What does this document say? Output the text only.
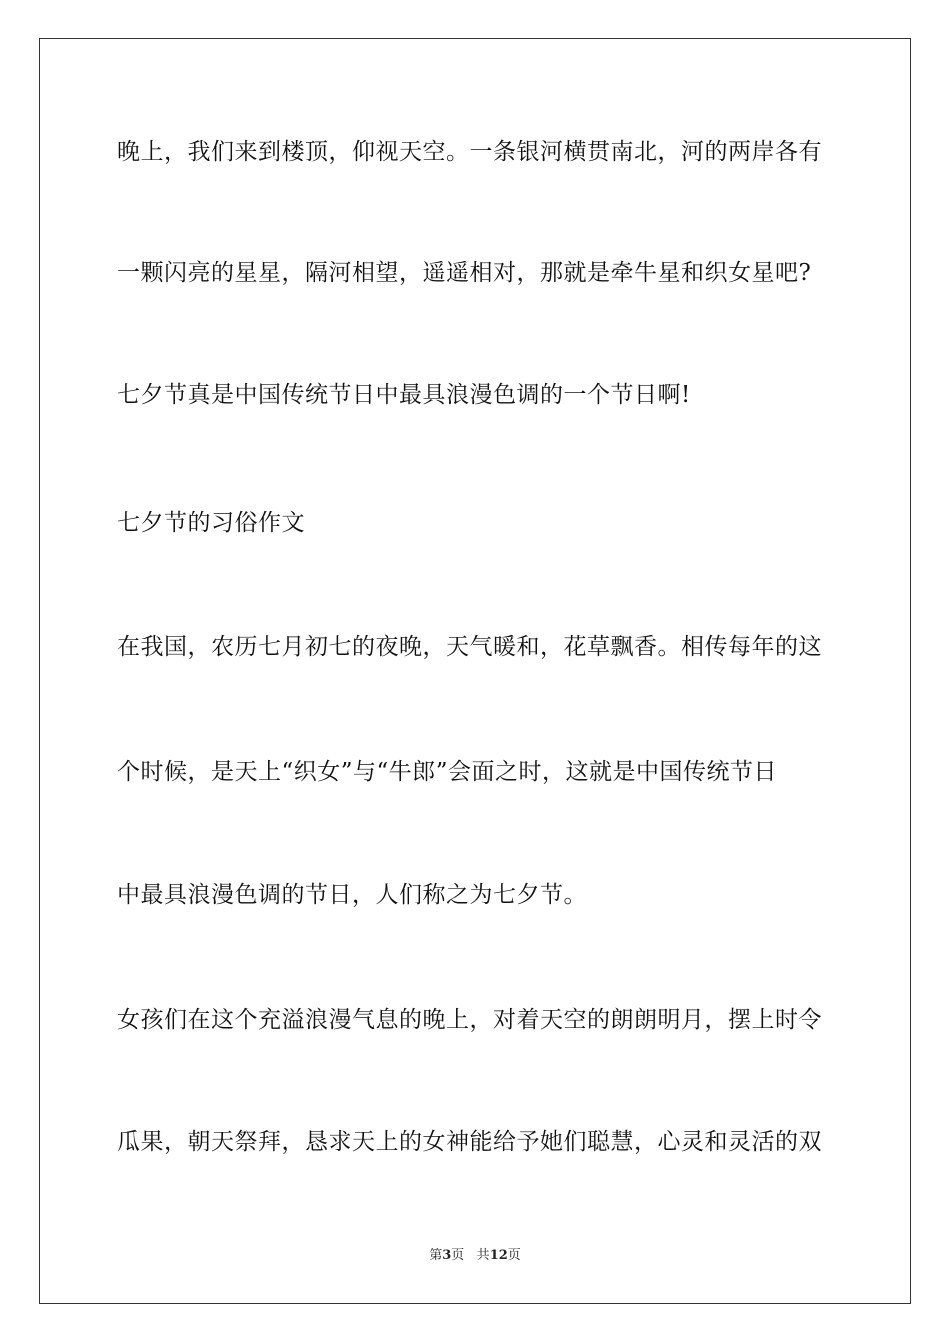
晚上，我们来到楼顶，仰视天空。一条银河横贯南北，河的两岸各有
一颗闪亮的星星，隔河相望，遥遥相对，那就是牵牛星和织女星吧?
七夕节真是中国传统节日中最具浪漫色调的一个节日啊!
七夕节的习俗作文
在我国，农历七月初七的夜晚，天气暖和，花草飘香。相传每年的这
个时候，是天上“织女”与“牛郎”会面之时，这就是中国传统节日
中最具浪漫色调的节日，人们称之为七夕节。
女孩们在这个充溢浪漫气息的晚上，对着天空的朗朗明月，摆上时令
瓜果，朝天祭拜，恳求天上的女神能给予她们聪慧，心灵和灵活的双
第3页 共12页
